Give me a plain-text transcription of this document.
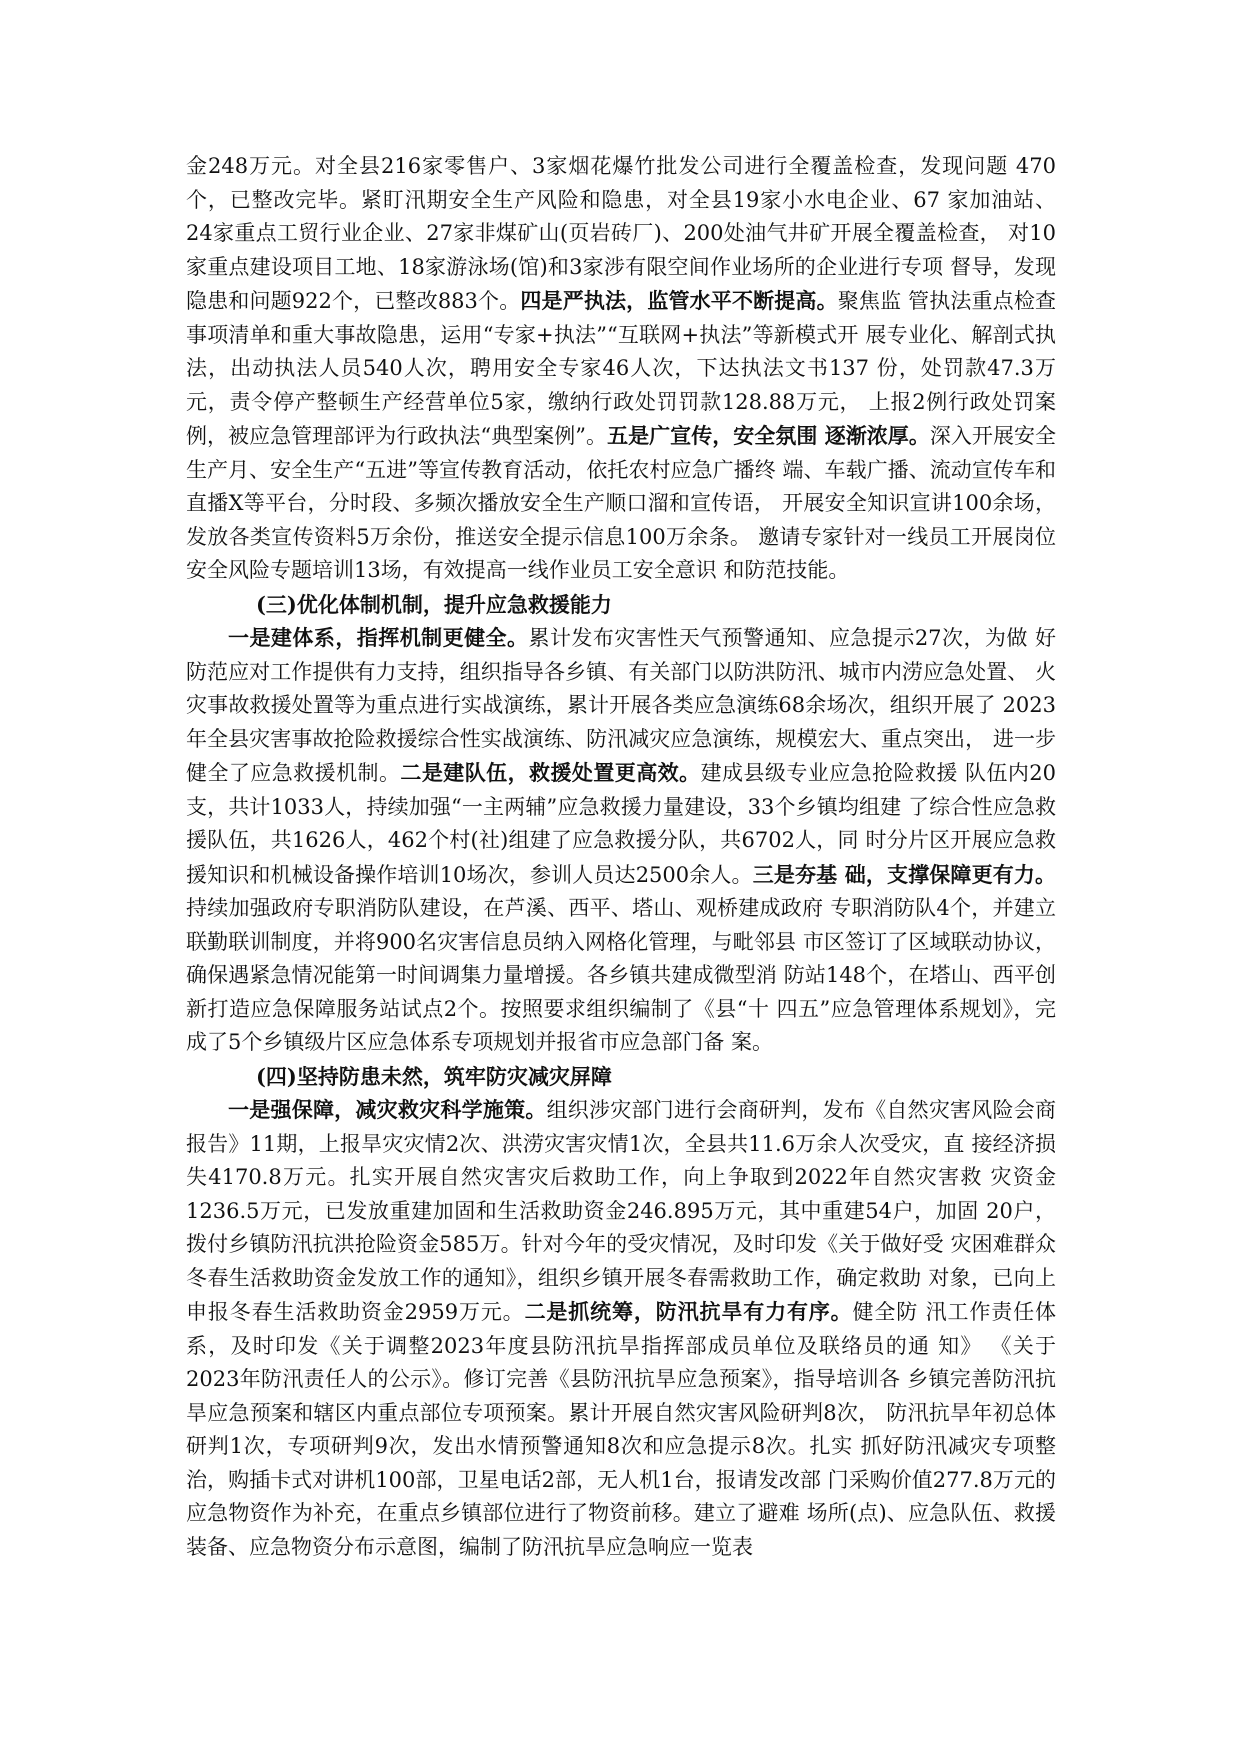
金248万元。对全县216家零售户、3家烟花爆竹批发公司进行全覆盖检查，发现问题 470 个，已整改完毕。紧盯汛期安全生产风险和隐患，对全县19家小水电企业、67 家加油站、 24家重点工贸行业企业、27家非煤矿山(页岩砖厂)、200处油气井矿开展全覆盖检查， 对10家重点建设项目工地、18家游泳场(馆)和3家涉有限空间作业场所的企业进行专项 督导，发现隐患和问题922个，已整改883个。四是严执法，监管水平不断提高。聚焦监 管执法重点检查事项清单和重大事故隐患，运用“专家+执法”“互联网+执法”等新模式开 展专业化、解剖式执法，出动执法人员540人次，聘用安全专家46人次，下达执法文书137 份，处罚款47.3万元，责令停产整顿生产经营单位5家，缴纳行政处罚罚款128.88万元， 上报2例行政处罚案例，被应急管理部评为行政执法“典型案例”。五是广宣传，安全氛围 逐渐浓厚。深入开展安全生产月、安全生产“五进”等宣传教育活动，依托农村应急广播终 端、车载广播、流动宣传车和直播X等平台，分时段、多频次播放安全生产顺口溜和宣传语， 开展安全知识宣讲100余场，发放各类宣传资料5万余份，推送安全提示信息100万余条。 邀请专家针对一线员工开展岗位安全风险专题培训13场，有效提高一线作业员工安全意识 和防范技能。

(三)优化体制机制，提升应急救援能力

一是建体系，指挥机制更健全。累计发布灾害性天气预警通知、应急提示27次，为做 好防范应对工作提供有力支持，组织指导各乡镇、有关部门以防洪防汛、城市内涝应急处置、 火灾事故救援处置等为重点进行实战演练，累计开展各类应急演练68余场次，组织开展了 2023年全县灾害事故抢险救援综合性实战演练、防汛减灾应急演练，规模宏大、重点突出， 进一步健全了应急救援机制。二是建队伍，救援处置更高效。建成县级专业应急抢险救援 队伍内20支，共计1033人，持续加强“一主两辅”应急救援力量建设，33个乡镇均组建 了综合性应急救援队伍，共1626人，462个村(社)组建了应急救援分队，共6702人，同 时分片区开展应急救援知识和机械设备操作培训10场次，参训人员达2500余人。三是夯基 础，支撑保障更有力。持续加强政府专职消防队建设，在芦溪、西平、塔山、观桥建成政府 专职消防队4个，并建立联勤联训制度，并将900名灾害信息员纳入网格化管理，与毗邻县 市区签订了区域联动协议，确保遇紧急情况能第一时间调集力量增援。各乡镇共建成微型消 防站148个，在塔山、西平创新打造应急保障服务站试点2个。按照要求组织编制了《县“十 四五”应急管理体系规划》，完成了5个乡镇级片区应急体系专项规划并报省市应急部门备 案。

(四)坚持防患未然，筑牢防灾减灾屏障

一是强保障，减灾救灾科学施策。组织涉灾部门进行会商研判，发布《自然灾害风险会商报告》11期，上报旱灾灾情2次、洪涝灾害灾情1次，全县共11.6万余人次受灾，直 接经济损失4170.8万元。扎实开展自然灾害灾后救助工作，向上争取到2022年自然灾害救 灾资金1236.5万元，已发放重建加固和生活救助资金246.895万元，其中重建54户，加固 20户，拨付乡镇防汛抗洪抢险资金585万。针对今年的受灾情况，及时印发《关于做好受 灾困难群众冬春生活救助资金发放工作的通知》，组织乡镇开展冬春需救助工作，确定救助 对象，已向上申报冬春生活救助资金2959万元。二是抓统筹，防汛抗旱有力有序。健全防 汛工作责任体系，及时印发《关于调整2023年度县防汛抗旱指挥部成员单位及联络员的通 知》 《关于2023年防汛责任人的公示》。修订完善《县防汛抗旱应急预案》，指导培训各 乡镇完善防汛抗旱应急预案和辖区内重点部位专项预案。累计开展自然灾害风险研判8次， 防汛抗旱年初总体研判1次，专项研判9次，发出水情预警通知8次和应急提示8次。扎实 抓好防汛减灾专项整治，购插卡式对讲机100部，卫星电话2部，无人机1台，报请发改部 门采购价值277.8万元的应急物资作为补充，在重点乡镇部位进行了物资前移。建立了避难 场所(点)、应急队伍、救援装备、应急物资分布示意图，编制了防汛抗旱应急响应一览表
